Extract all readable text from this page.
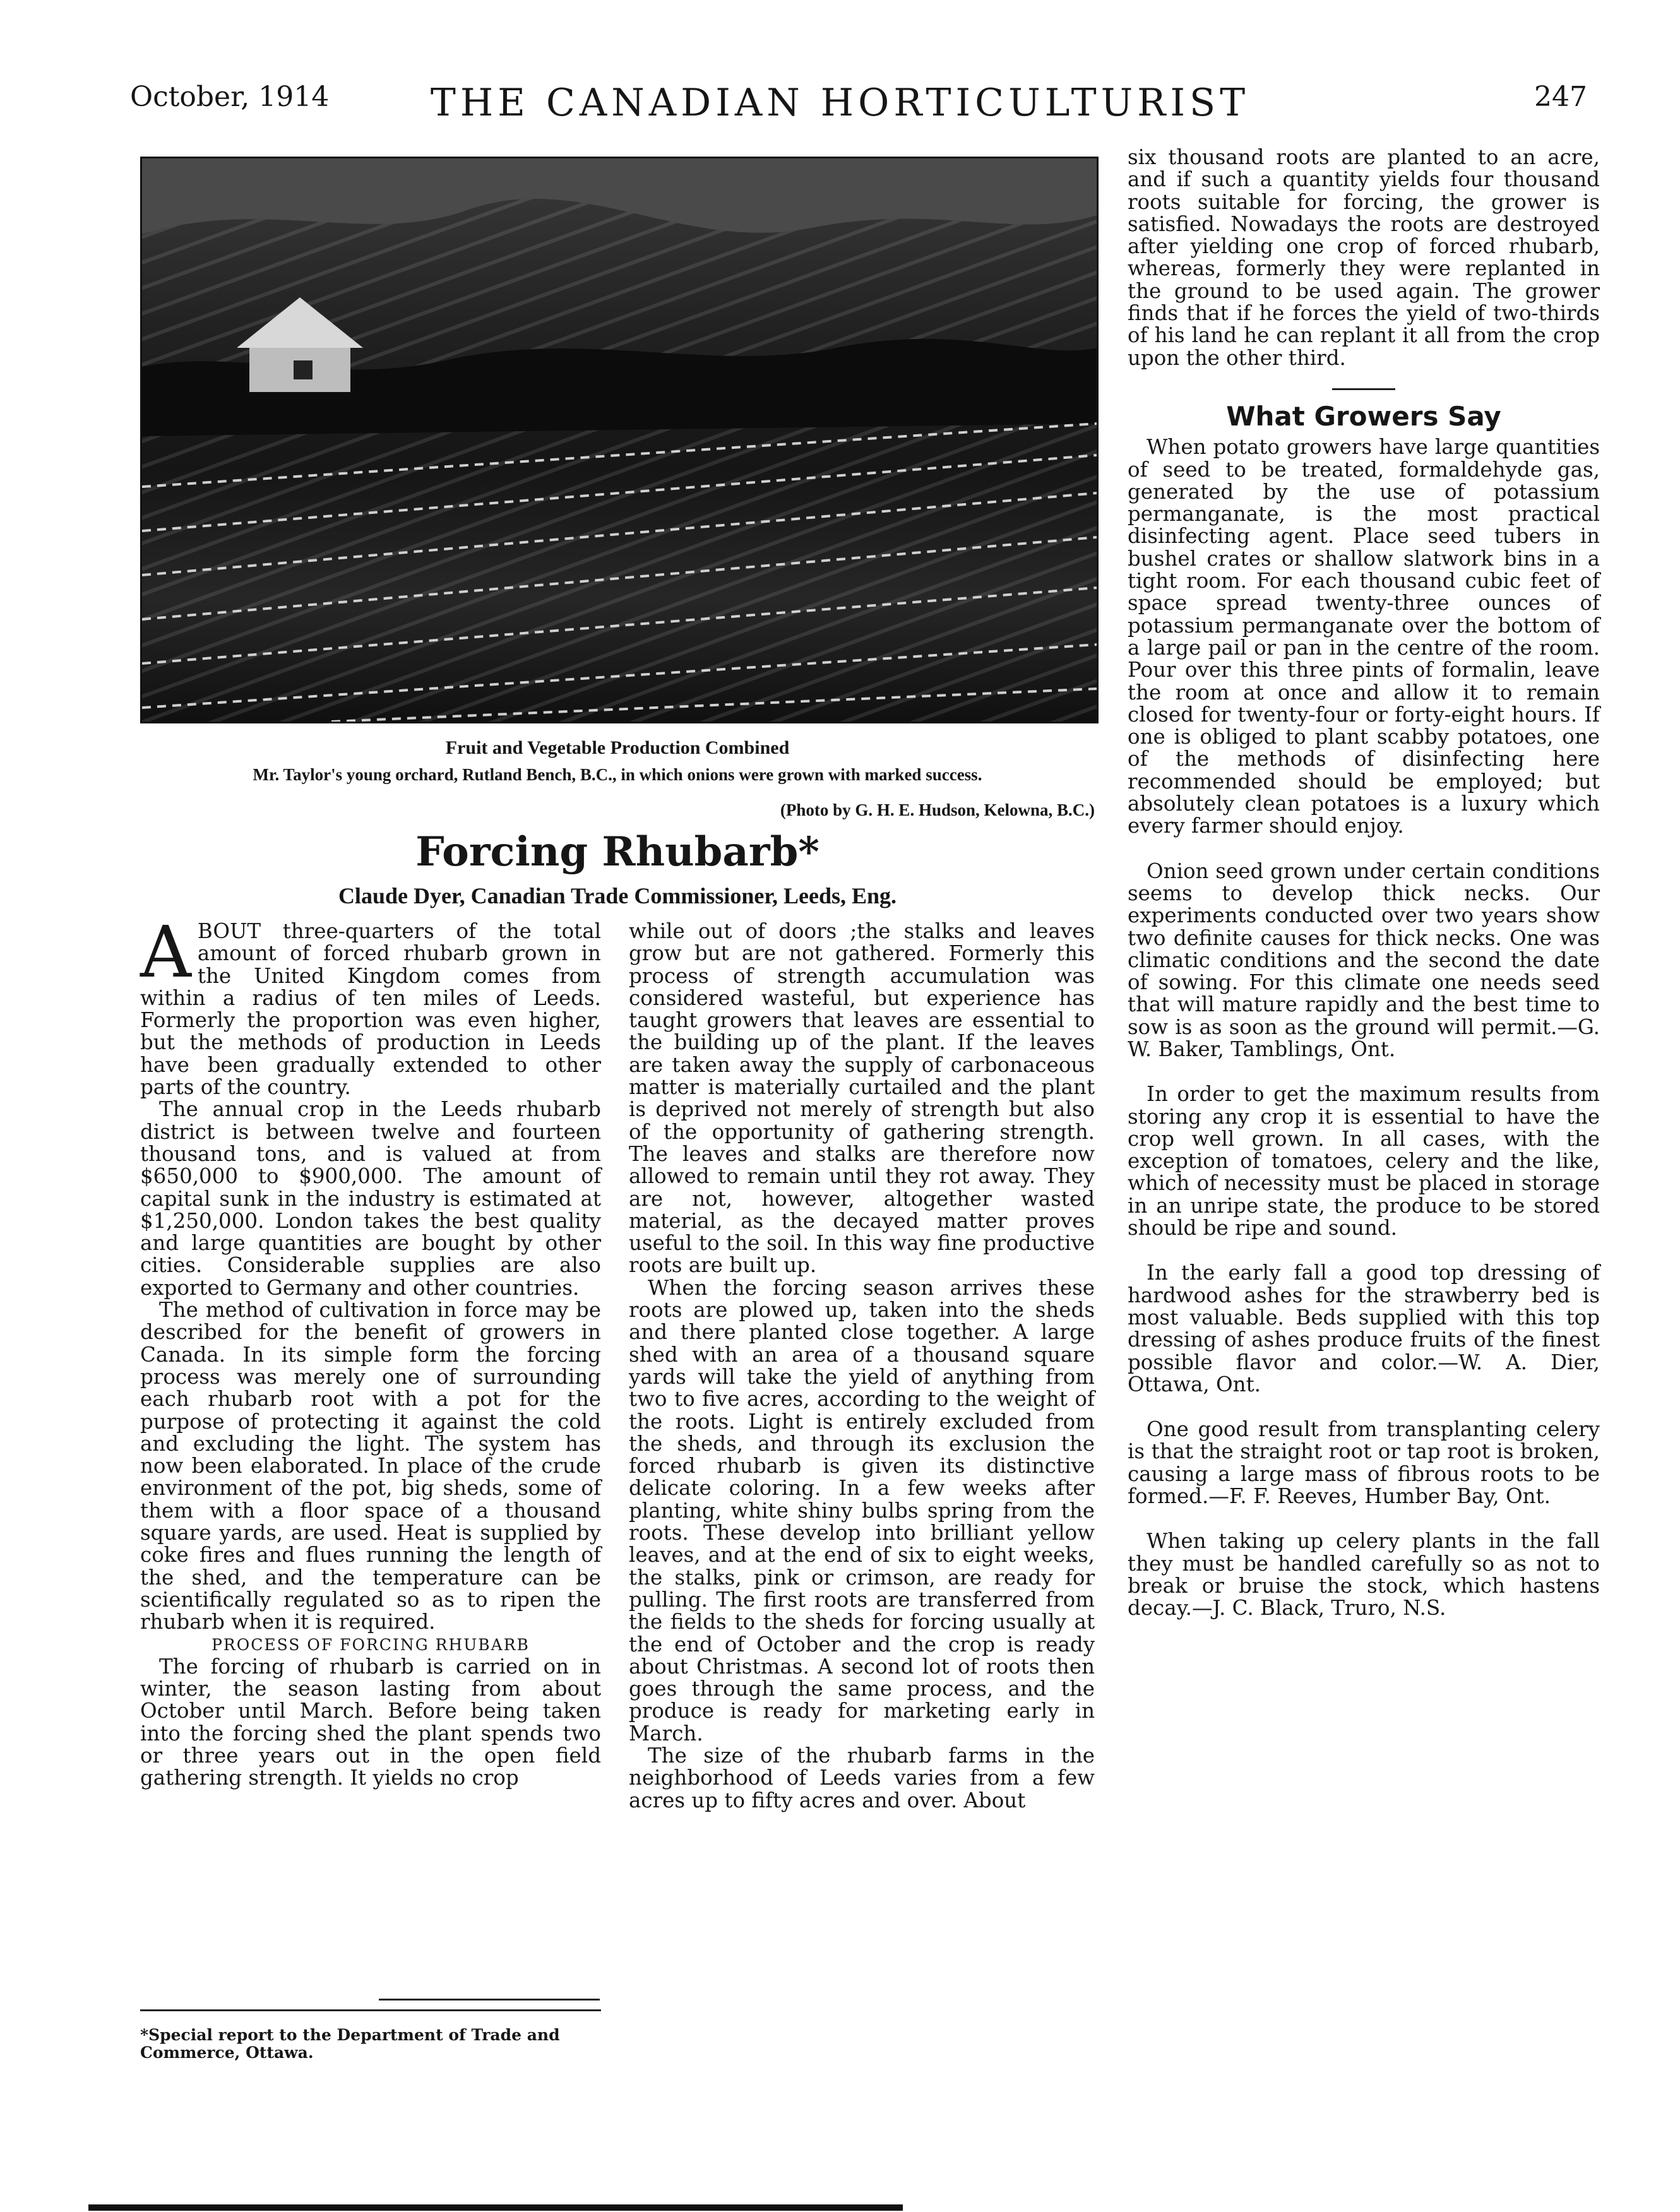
October, 1914	THE CANADIAN HORTICULTURIST	247
Fruit and Vegetable Production Combined
Mr. Taylor's young orchard, Rutland Bench, B.C., in which onions were grown with marked success.
(Photo by G. H. E. Hudson, Kelowna, B.C.)
Forcing Rhubarb*
Claude Dyer, Canadian Trade Commissioner, Leeds, Eng.

ABOUT three-quarters of the total amount of forced rhubarb grown in the United Kingdom comes from within a radius of ten miles of Leeds. Formerly the proportion was even higher, but the methods of production in Leeds have been gradually extended to other parts of the country.

The annual crop in the Leeds rhubarb district is between twelve and fourteen thousand tons, and is valued at from $650,000 to $900,000. The amount of capital sunk in the industry is estimated at $1,250,000. London takes the best quality and large quantities are bought by other cities. Considerable supplies are also exported to Germany and other countries.

The method of cultivation in force may be described for the benefit of growers in Canada. In its simple form the forcing process was merely one of surrounding each rhubarb root with a pot for the purpose of protecting it against the cold and excluding the light. The system has now been elaborated. In place of the crude environment of the pot, big sheds, some of them with a floor space of a thousand square yards, are used. Heat is supplied by coke fires and flues running the length of the shed, and the temperature can be scientifically regulated so as to ripen the rhubarb when it is required.

PROCESS OF FORCING RHUBARB

The forcing of rhubarb is carried on in winter, the season lasting from about October until March. Before being taken into the forcing shed the plant spends two or three years out in the open field gathering strength. It yields no crop

*Special report to the Department of Trade and Commerce, Ottawa.

while out of doors ;the stalks and leaves grow but are not gathered. Formerly this process of strength accumulation was considered wasteful, but experience has taught growers that leaves are essential to the building up of the plant. If the leaves are taken away the supply of carbonaceous matter is materially curtailed and the plant is deprived not merely of strength but also of the opportunity of gathering strength. The leaves and stalks are therefore now allowed to remain until they rot away. They are not, however, altogether wasted material, as the decayed matter proves useful to the soil. In this way fine productive roots are built up.

When the forcing season arrives these roots are plowed up, taken into the sheds and there planted close together. A large shed with an area of a thousand square yards will take the yield of anything from two to five acres, according to the weight of the roots. Light is entirely excluded from the sheds, and through its exclusion the forced rhubarb is given its distinctive delicate coloring. In a few weeks after planting, white shiny bulbs spring from the roots. These develop into brilliant yellow leaves, and at the end of six to eight weeks, the stalks, pink or crimson, are ready for pulling. The first roots are transferred from the fields to the sheds for forcing usually at the end of October and the crop is ready about Christmas. A second lot of roots then goes through the same process, and the produce is ready for marketing early in March.

The size of the rhubarb farms in the neighborhood of Leeds varies from a few acres up to fifty acres and over. About

six thousand roots are planted to an acre, and if such a quantity yields four thousand roots suitable for forcing, the grower is satisfied. Nowadays the roots are destroyed after yielding one crop of forced rhubarb, whereas, formerly they were replanted in the ground to be used again. The grower finds that if he forces the yield of two-thirds of his land he can replant it all from the crop upon the other third.

What Growers Say

When potato growers have large quantities of seed to be treated, formaldehyde gas, generated by the use of potassium permanganate, is the most practical disinfecting agent. Place seed tubers in bushel crates or shallow slatwork bins in a tight room. For each thousand cubic feet of space spread twenty-three ounces of potassium permanganate over the bottom of a large pail or pan in the centre of the room. Pour over this three pints of formalin, leave the room at once and allow it to remain closed for twenty-four or forty-eight hours. If one is obliged to plant scabby potatoes, one of the methods of disinfecting here recommended should be employed; but absolutely clean potatoes is a luxury which every farmer should enjoy.

Onion seed grown under certain conditions seems to develop thick necks. Our experiments conducted over two years show two definite causes for thick necks. One was climatic conditions and the second the date of sowing. For this climate one needs seed that will mature rapidly and the best time to sow is as soon as the ground will permit.—G. W. Baker, Tamblings, Ont.

In order to get the maximum results from storing any crop it is essential to have the crop well grown. In all cases, with the exception of tomatoes, celery and the like, which of necessity must be placed in storage in an unripe state, the produce to be stored should be ripe and sound.

In the early fall a good top dressing of hardwood ashes for the strawberry bed is most valuable. Beds supplied with this top dressing of ashes produce fruits of the finest possible flavor and color.—W. A. Dier, Ottawa, Ont.

One good result from transplanting celery is that the straight root or tap root is broken, causing a large mass of fibrous roots to be formed.—F. F. Reeves, Humber Bay, Ont.

When taking up celery plants in the fall they must be handled carefully so as not to break or bruise the stock, which hastens decay.—J. C. Black, Truro, N.S.
